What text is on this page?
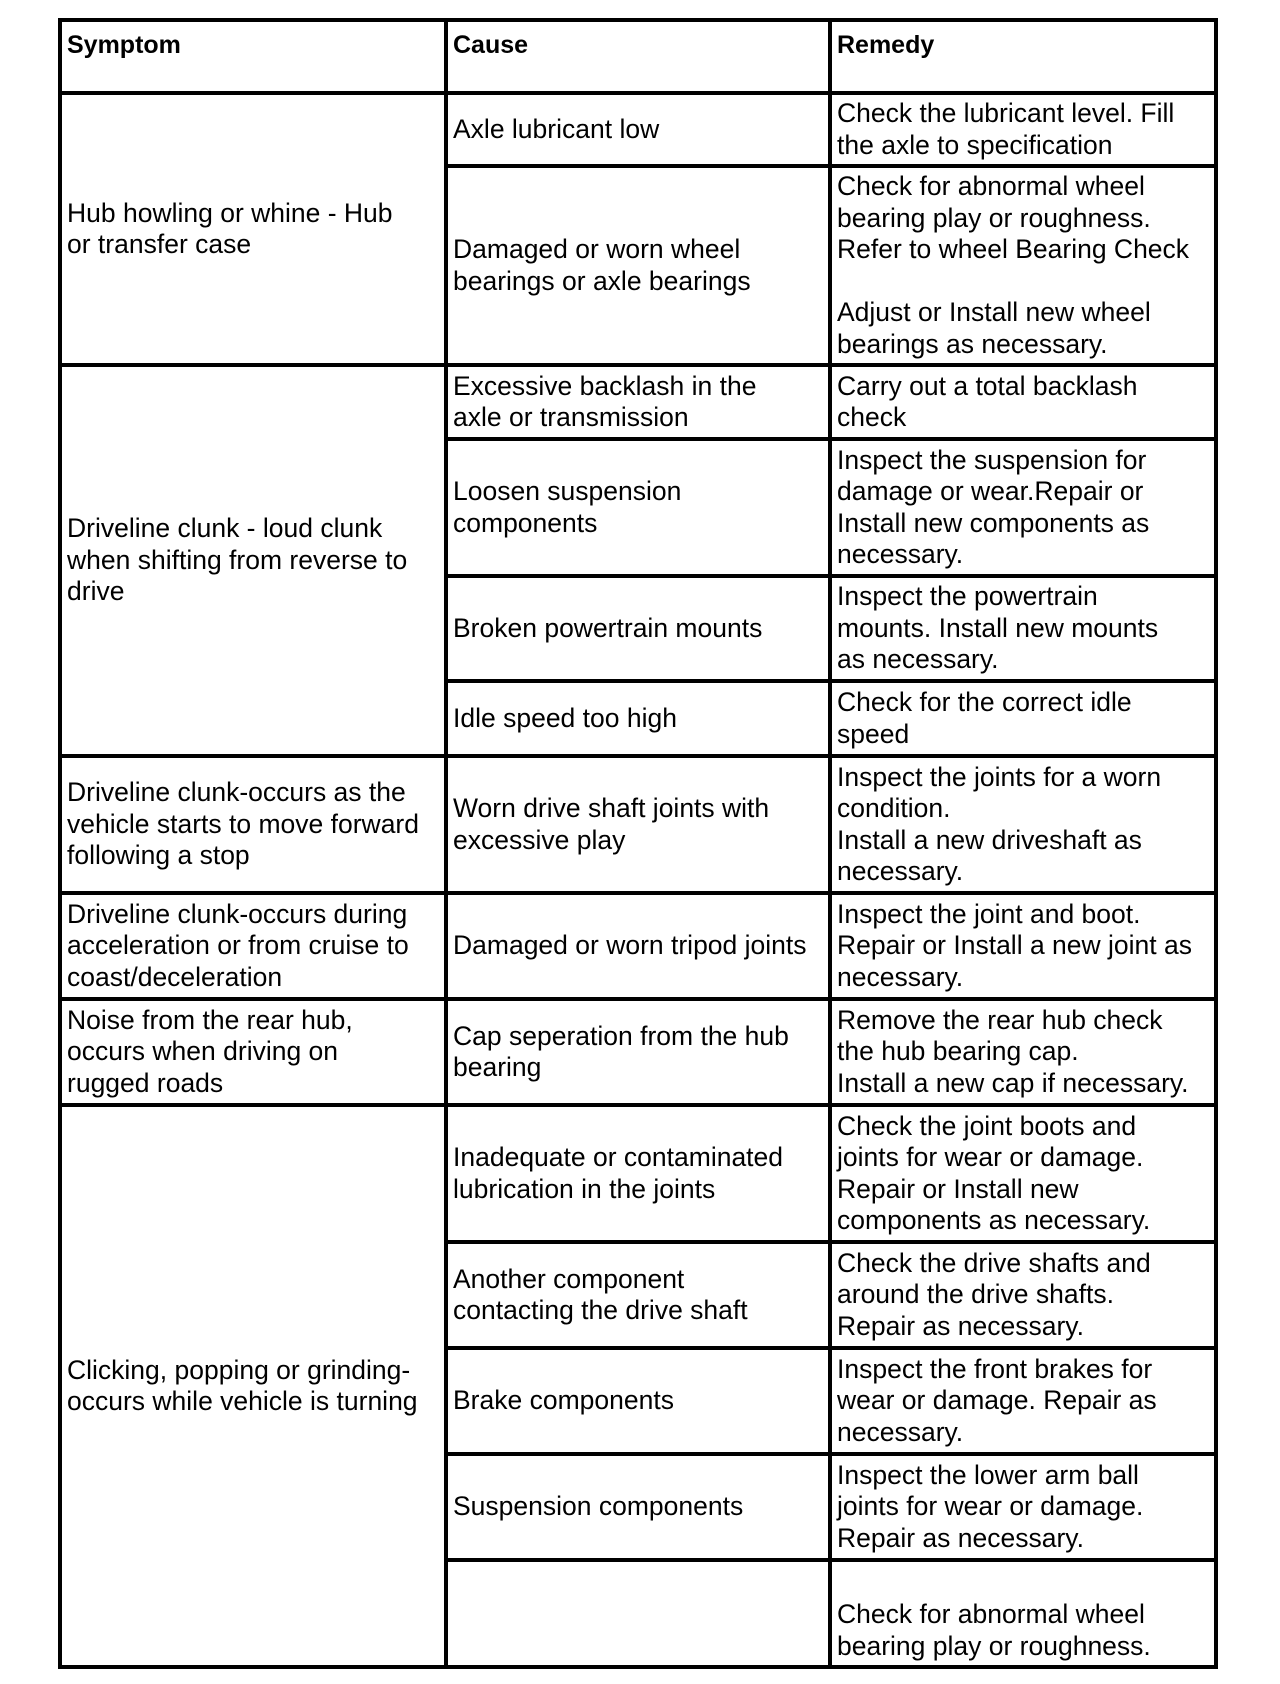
Symptom	Cause	Remedy

Hub howling or whine - Hub
or transfer case	Axle lubricant low	Check the lubricant level. Fill
the axle to specification

	Damaged or worn wheel
bearings or axle bearings	Check for abnormal wheel
bearing play or roughness.
Refer to wheel Bearing Check

Adjust or Install new wheel
bearings as necessary.

Driveline clunk - loud clunk
when shifting from reverse to
drive	Excessive backlash in the
axle or transmission	Carry out a total backlash
check

	Loosen suspension
components	Inspect the suspension for
damage or wear.Repair or
Install new components as
necessary.

	Broken powertrain mounts	Inspect the powertrain
mounts. Install new mounts
as necessary.

	Idle speed too high	Check for the correct idle
speed

Driveline clunk-occurs as the
vehicle starts to move forward
following a stop	Worn drive shaft joints with
excessive play	Inspect the joints for a worn
condition.
Install a new driveshaft as
necessary.

Driveline clunk-occurs during
acceleration or from cruise to
coast/deceleration	Damaged or worn tripod joints	Inspect the joint and boot.
Repair or Install a new joint as
necessary.

Noise from the rear hub,
occurs when driving on
rugged roads	Cap seperation from the hub
bearing	Remove the rear hub check
the hub bearing cap.
Install a new cap if necessary.

Clicking, popping or grinding-
occurs while vehicle is turning	Inadequate or contaminated
lubrication in the joints	Check the joint boots and
joints for wear or damage.
Repair or Install new
components as necessary.

	Another component
contacting the drive shaft	Check the drive shafts and
around the drive shafts.
Repair as necessary.

	Brake components	Inspect the front brakes for
wear or damage. Repair as
necessary.

	Suspension components	Inspect the lower arm ball
joints for wear or damage.
Repair as necessary.

		Check for abnormal wheel
bearing play or roughness.
